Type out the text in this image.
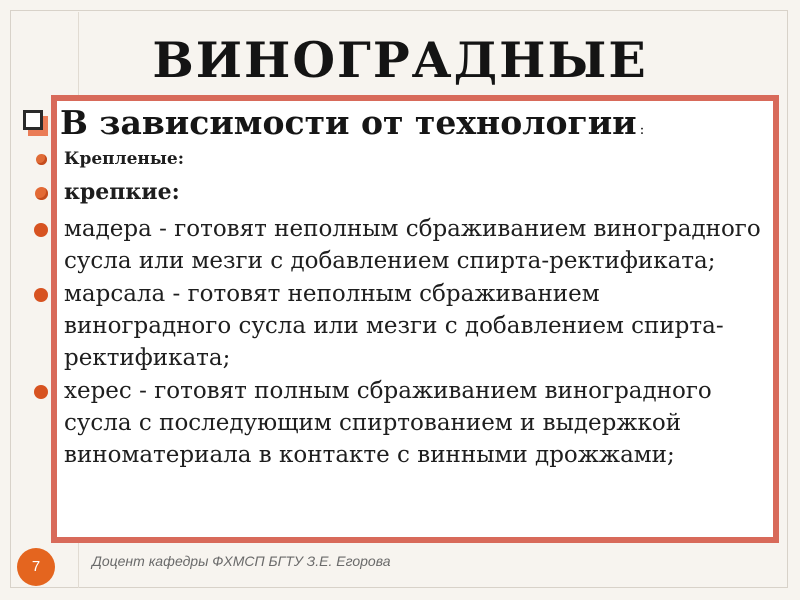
ВИНОГРАДНЫЕ
В зависимости от технологии :
Крепленые:
крепкие:
мадера - готовят неполным сбраживанием виноградного сусла или мезги с добавлением спирта-ректификата;
марсала - готовят неполным сбраживанием виноградного сусла или мезги с добавлением спирта-ректификата;
херес - готовят полным сбраживанием виноградного сусла с последующим спиртованием и выдержкой виноматериала в контакте с винными дрожжами;
7	Доцент кафедры ФХМСП БГТУ З.Е. Егорова
